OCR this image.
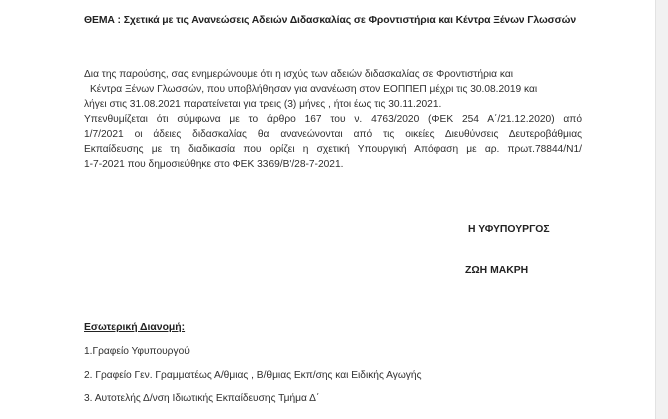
ΘΕΜΑ : Σχετικά με τις Ανανεώσεις Αδειών Διδασκαλίας σε Φροντιστήρια και Κέντρα Ξένων Γλωσσών
Δια της παρούσης, σας ενημερώνουμε ότι η ισχύς των αδειών διδασκαλίας σε Φροντιστήρια και
Κέντρα Ξένων Γλωσσών, που υποβλήθησαν για ανανέωση στον ΕΟΠΠΕΠ μέχρι τις 30.08.2019 και
λήγει στις 31.08.2021 παρατείνεται για τρεις (3) μήνες , ήτοι έως τις 30.11.2021.
Υπενθυμίζεται ότι σύμφωνα με το άρθρο 167 του ν. 4763/2020 (ΦΕΚ 254 Α΄/21.12.2020) από
1/7/2021 οι άδειες διδασκαλίας θα ανανεώνονται από τις οικείες Διευθύνσεις Δευτεροβάθμιας
Εκπαίδευσης με τη διαδικασία που ορίζει η σχετική Υπουργική Απόφαση με αρ. πρωτ.78844/Ν1/
1-7-2021 που δημοσιεύθηκε στο ΦΕΚ 3369/Β'/28-7-2021.
Η ΥΦΥΠΟΥΡΓΟΣ
ΖΩΗ ΜΑΚΡΗ
Εσωτερική Διανομή:
1.Γραφείο Υφυπουργού
2. Γραφείο Γεν. Γραμματέως Α/θμιας , Β/θμιας Εκπ/σης και Ειδικής Αγωγής
3. Αυτοτελής Δ/νση Ιδιωτικής Εκπαίδευσης Τμήμα Δ΄
